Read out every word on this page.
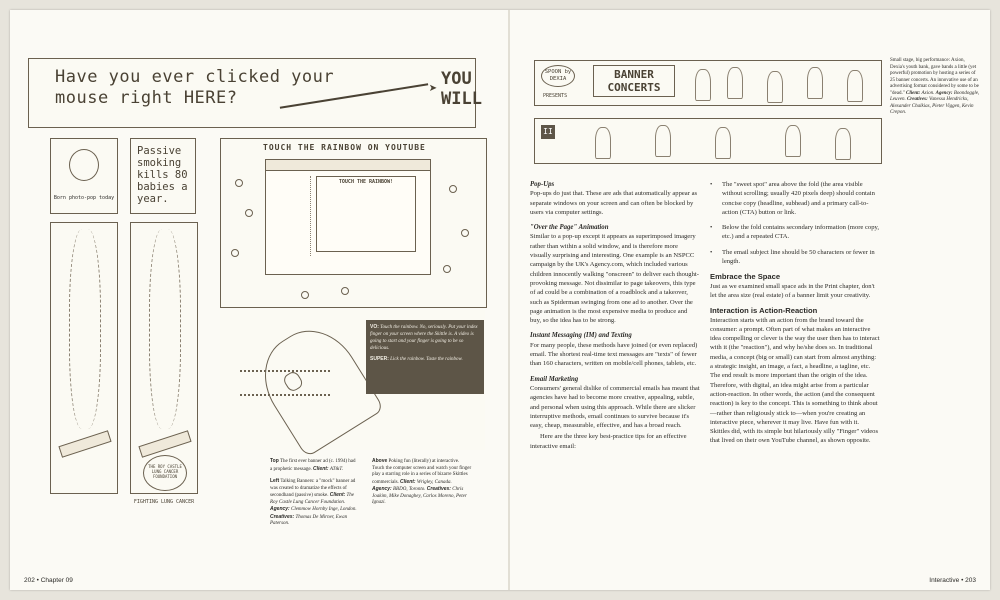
Have you ever clicked your mouse right HERE?	➤ YOU WILL
Born photo-pop today
Passive smoking kills 80 babies a year.
THE ROY CASTLE LUNG CANCER FOUNDATION
FIGHTING LUNG CANCER
TOUCH THE RAINBOW ON YOUTUBE
TOUCH THE RAINBOW!
VO: Touch the rainbow. No, seriously. Put your index finger on your screen where the Skittle is. A video is going to start and your finger is going to be so delicious.
SUPER: Lick the rainbow. Taste the rainbow.

Top The first ever banner ad (c. 1994) had a prophetic message. Client: AT&T.

Left Talking Banners: a "mock" banner ad was created to dramatize the effects of secondhand (passive) smoke. Client: The Roy Castle Lung Cancer Foundation. Agency: Clemmow Hornby Inge, London. Creatives: Thomas De Mirner, Ewan Paterson.

Above Poking fun (literally) at interactive. Touch the computer screen and watch your finger play a starring role in a series of bizarre Skittles commercials. Client: Wrigley, Canada. Agency: BBDO, Toronto. Creatives: Chris Joakim, Mike Donaghey, Carlos Moreno, Peter Ignazi.

202 • Chapter 09
SPOON by DEXIA
PRESENTS
BANNER CONCERTS
II
Small stage, big performance: Axion, Dexia's youth bank, gave bands a little (yet powerful) promotion by hosting a series of 25 banner concerts. An innovative use of an advertising format considered by some to be "dead." Client: Axion. Agency: Boondoggle, Leuven. Creatives: Vanessa Hendrickx, Alexander Chalkias, Pieter Viggen, Kevin Crepon.
Pop-Ups

Pop-ups do just that. These are ads that automatically appear as separate windows on your screen and can often be blocked by users via computer settings.

"Over the Page" Animation

Similar to a pop-up except it appears as superimposed imagery rather than within a solid window, and is therefore more visually surprising and interesting. One example is an NSPCC campaign by the UK's Agency.com, which included various children innocently walking "onscreen" to deliver each thought-provoking message. Not dissimilar to page takeovers, this type of ad could be a combination of a roadblock and a takeover, such as Spiderman swinging from one ad to another. Over the page animation is the most expensive media to produce and buy, so the idea has to be strong.

Instant Messaging (IM) and Texting

For many people, these methods have joined (or even replaced) email. The shortest real-time text messages are "texts" of fewer than 160 characters, written on mobile/cell phones, tablets, etc.

Email Marketing

Consumers' general dislike of commercial emails has meant that agencies have had to become more creative, appealing, subtle, and personal when using this approach. While there are slicker interruptive methods, email continues to survive because it's easy, cheap, measurable, effective, and has a broad reach.

Here are the three key best-practice tips for an effective interactive email:

•	The "sweet spot" area above the fold (the area visible without scrolling; usually 420 pixels deep) should contain concise copy (headline, subhead) and a primary call-to-action (CTA) button or link.
•	Below the fold contains secondary information (more copy, etc.) and a repeated CTA.
•	The email subject line should be 50 characters or fewer in length.
Embrace the Space

Just as we examined small space ads in the Print chapter, don't let the area size (real estate) of a banner limit your creativity.

Interaction is Action-Reaction

Interaction starts with an action from the brand toward the consumer: a prompt. Often part of what makes an interactive idea compelling or clever is the way the user then has to interact with it (the "reaction"), and why he/she does so. In traditional media, a concept (big or small) can start from almost anything: a strategic insight, an image, a fact, a headline, a tagline, etc. The end result is more important than the origin of the idea. Therefore, with digital, an idea might arise from a particular action-reaction. In other words, the action (and the consequent reaction) is key to the concept. This is something to think about—rather than religiously stick to—when you're creating an interactive piece, wherever it may live. Have fun with it. Skittles did, with its simple but hilariously silly "Finger" videos that lived on their own YouTube channel, as shown opposite.

Interactive • 203
